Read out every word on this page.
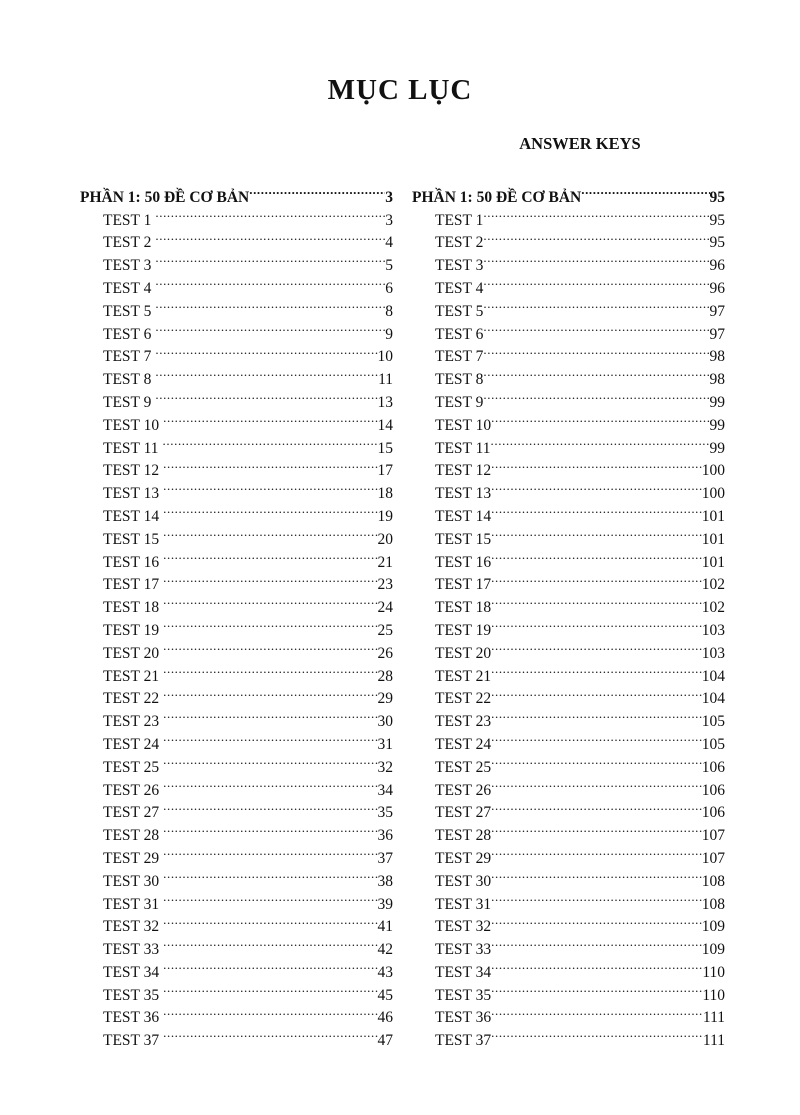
MỤC LỤC
ANSWER KEYS
PHẦN 1: 50 ĐỀ CƠ BẢN .....	3
TEST 1 .....	3
TEST 2 .....	4
TEST 3 .....	5
TEST 4 .....	6
TEST 5 .....	8
TEST 6 .....	9
TEST 7 .....	10
TEST 8 .....	11
TEST 9 .....	13
TEST 10 .....	14
TEST 11 .....	15
TEST 12 .....	17
TEST 13 .....	18
TEST 14 .....	19
TEST 15 .....	20
TEST 16 .....	21
TEST 17 .....	23
TEST 18 .....	24
TEST 19 .....	25
TEST 20 .....	26
TEST 21 .....	28
TEST 22 .....	29
TEST 23 .....	30
TEST 24 .....	31
TEST 25 .....	32
TEST 26 .....	34
TEST 27 .....	35
TEST 28 .....	36
TEST 29 .....	37
TEST 30 .....	38
TEST 31 .....	39
TEST 32 .....	41
TEST 33 .....	42
TEST 34 .....	43
TEST 35 .....	45
TEST 36 .....	46
TEST 37 .....	47
PHẦN 1: 50 ĐỀ CƠ BẢN .....	95
TEST 1 .....	95
TEST 2 .....	95
TEST 3 .....	96
TEST 4 .....	96
TEST 5 .....	97
TEST 6 .....	97
TEST 7 .....	98
TEST 8 .....	98
TEST 9 .....	99
TEST 10 .....	99
TEST 11 .....	99
TEST 12 .....	100
TEST 13 .....	100
TEST 14 .....	101
TEST 15 .....	101
TEST 16 .....	101
TEST 17 .....	102
TEST 18 .....	102
TEST 19 .....	103
TEST 20 .....	103
TEST 21 .....	104
TEST 22 .....	104
TEST 23 .....	105
TEST 24 .....	105
TEST 25 .....	106
TEST 26 .....	106
TEST 27 .....	106
TEST 28 .....	107
TEST 29 .....	107
TEST 30 .....	108
TEST 31 .....	108
TEST 32 .....	109
TEST 33 .....	109
TEST 34 .....	110
TEST 35 .....	110
TEST 36 .....	111
TEST 37 .....	111
